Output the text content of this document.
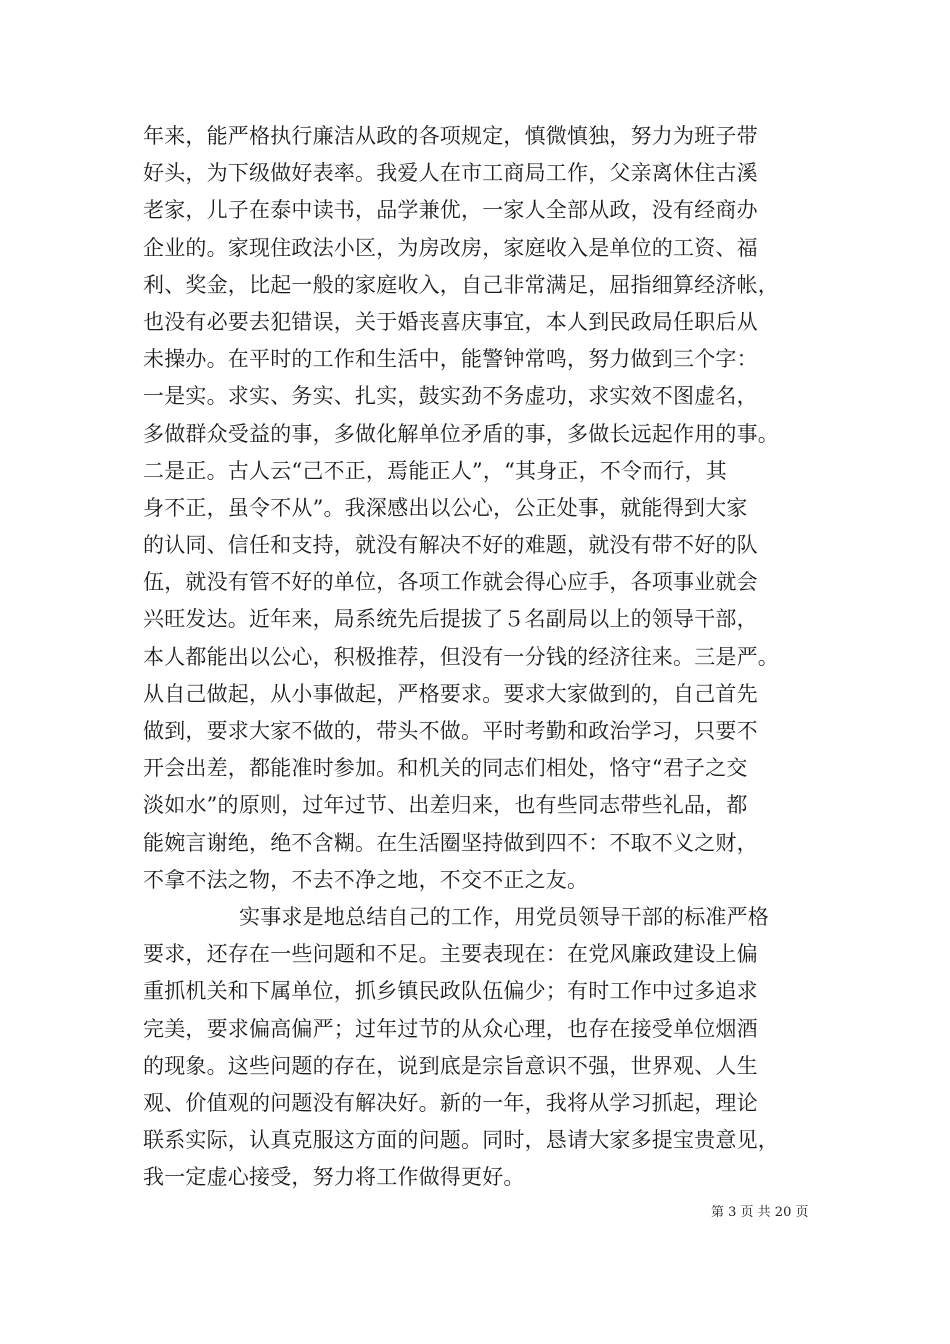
年来，能严格执行廉洁从政的各项规定，慎微慎独，努力为班子带
好头，为下级做好表率。我爱人在市工商局工作，父亲离休住古溪
老家，儿子在泰中读书，品学兼优，一家人全部从政，没有经商办
企业的。家现住政法小区，为房改房，家庭收入是单位的工资、福
利、奖金，比起一般的家庭收入，自己非常满足，屈指细算经济帐，
也没有必要去犯错误，关于婚丧喜庆事宜，本人到民政局任职后从
未操办。在平时的工作和生活中，能警钟常鸣，努力做到三个字：
一是实。求实、务实、扎实，鼓实劲不务虚功，求实效不图虚名，
多做群众受益的事，多做化解单位矛盾的事，多做长远起作用的事。
二是正。古人云“己不正，焉能正人”，“其身正，不令而行，其
身不正，虽令不从”。我深感出以公心，公正处事，就能得到大家
的认同、信任和支持，就没有解决不好的难题，就没有带不好的队
伍，就没有管不好的单位，各项工作就会得心应手，各项事业就会
兴旺发达。近年来，局系统先后提拔了５名副局以上的领导干部，
本人都能出以公心，积极推荐，但没有一分钱的经济往来。三是严。
从自己做起，从小事做起，严格要求。要求大家做到的，自己首先
做到，要求大家不做的，带头不做。平时考勤和政治学习，只要不
开会出差，都能准时参加。和机关的同志们相处，恪守“君子之交
淡如水”的原则，过年过节、出差归来，也有些同志带些礼品，都
能婉言谢绝，绝不含糊。在生活圈坚持做到四不：不取不义之财，
不拿不法之物，不去不净之地，不交不正之友。
实事求是地总结自己的工作，用党员领导干部的标准严格
要求，还存在一些问题和不足。主要表现在：在党风廉政建设上偏
重抓机关和下属单位，抓乡镇民政队伍偏少；有时工作中过多追求
完美，要求偏高偏严；过年过节的从众心理，也存在接受单位烟酒
的现象。这些问题的存在，说到底是宗旨意识不强，世界观、人生
观、价值观的问题没有解决好。新的一年，我将从学习抓起，理论
联系实际，认真克服这方面的问题。同时，恳请大家多提宝贵意见，
我一定虚心接受，努力将工作做得更好。
第 3 页 共 20 页
